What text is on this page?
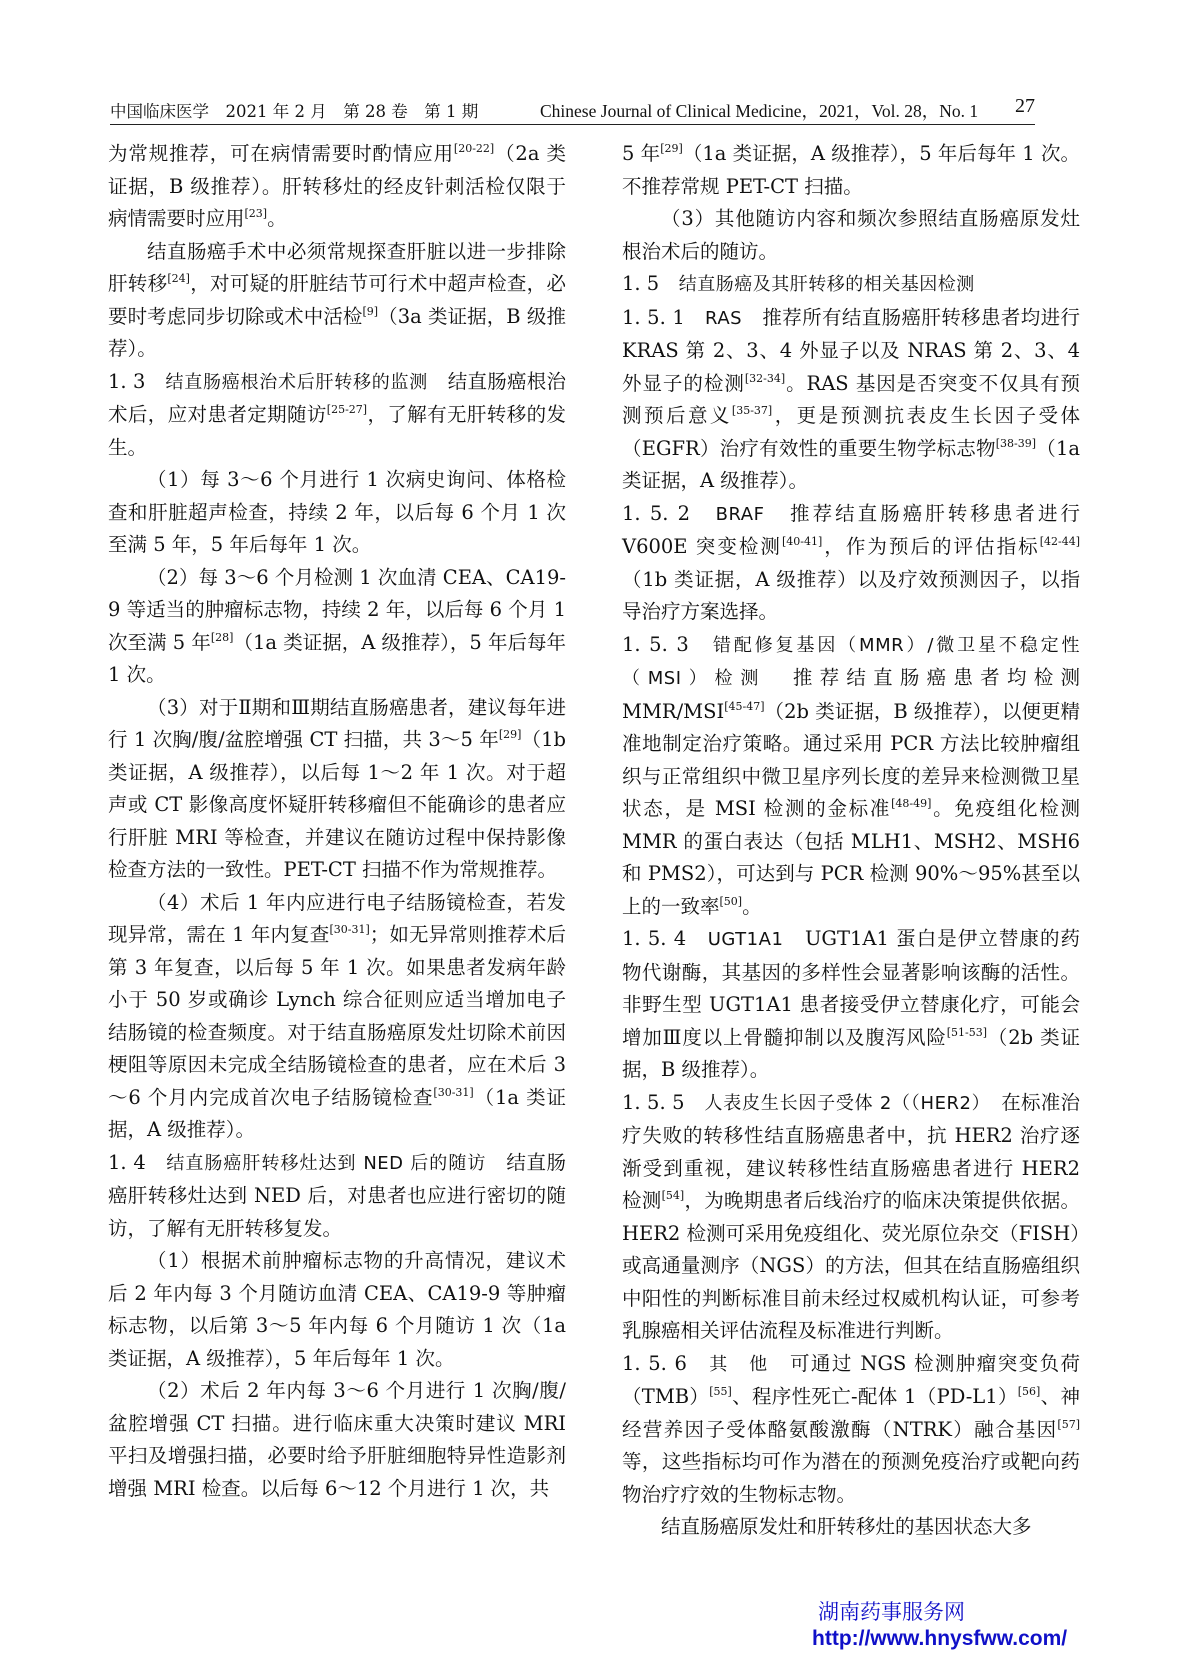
中国临床医学　2021 年 2 月　第 28 卷　第 1 期	Chinese Journal of Clinical Medicine，2021，Vol. 28，No. 1 27

为常规推荐，可在病情需要时酌情应用[20-22]（2a 类证据，B 级推荐）。肝转移灶的经皮针刺活检仅限于病情需要时应用[23]。

结直肠癌手术中必须常规探查肝脏以进一步排除肝转移[24]，对可疑的肝脏结节可行术中超声检查，必要时考虑同步切除或术中活检[9]（3a 类证据，B 级推荐）。

1. 3　 结直肠癌根治术后肝转移的监测　 结直肠癌根治术后，应对患者定期随访[25-27]，了解有无肝转移的发生。

（1）每 3～6 个月进行 1 次病史询问、体格检查和肝脏超声检查，持续 2 年，以后每 6 个月 1 次至满 5 年，5 年后每年 1 次。

（2）每 3～6 个月检测 1 次血清 CEA、CA19-9 等适当的肿瘤标志物，持续 2 年，以后每 6 个月 1 次至满 5 年[28]（1a 类证据，A 级推荐），5 年后每年 1 次。

（3）对于Ⅱ期和Ⅲ期结直肠癌患者，建议每年进行 1 次胸/腹/盆腔增强 CT 扫描，共 3～5 年[29]（1b 类证据，A 级推荐），以后每 1～2 年 1 次。对于超声或 CT 影像高度怀疑肝转移瘤但不能确诊的患者应行肝脏 MRI 等检查，并建议在随访过程中保持影像检查方法的一致性。PET-CT 扫描不作为常规推荐。

（4）术后 1 年内应进行电子结肠镜检查，若发现异常，需在 1 年内复查[30-31]；如无异常则推荐术后第 3 年复查，以后每 5 年 1 次。如果患者发病年龄小于 50 岁或确诊 Lynch 综合征则应适当增加电子结肠镜的检查频度。对于结直肠癌原发灶切除术前因梗阻等原因未完成全结肠镜检查的患者，应在术后 3～6 个月内完成首次电子结肠镜检查[30-31]（1a 类证据，A 级推荐）。

1. 4　 结直肠癌肝转移灶达到 NED 后的随访　 结直肠癌肝转移灶达到 NED 后，对患者也应进行密切的随访，了解有无肝转移复发。

（1）根据术前肿瘤标志物的升高情况，建议术后 2 年内每 3 个月随访血清 CEA、CA19-9 等肿瘤标志物，以后第 3～5 年内每 6 个月随访 1 次（1a 类证据，A 级推荐），5 年后每年 1 次。

（2）术后 2 年内每 3～6 个月进行 1 次胸/腹/盆腔增强 CT 扫描。进行临床重大决策时建议 MRI 平扫及增强扫描，必要时给予肝脏细胞特异性造影剂增强 MRI 检查。以后每 6～12 个月进行 1 次，共

5 年[29]（1a 类证据，A 级推荐），5 年后每年 1 次。不推荐常规 PET-CT 扫描。

（3）其他随访内容和频次参照结直肠癌原发灶根治术后的随访。

1. 5　 结直肠癌及其肝转移的相关基因检测

1. 5. 1　 RAS　 推荐所有结直肠癌肝转移患者均进行 KRAS 第 2、3、4 外显子以及 NRAS 第 2、3、4 外显子的检测[32-34]。RAS 基因是否突变不仅具有预测预后意义[35-37]，更是预测抗表皮生长因子受体（EGFR）治疗有效性的重要生物学标志物[38-39]（1a 类证据，A 级推荐）。

1. 5. 2　 BRAF　 推荐结直肠癌肝转移患者进行 V600E 突变检测[40-41]，作为预后的评估指标[42-44]（1b 类证据，A 级推荐）以及疗效预测因子，以指导治疗方案选择。

1. 5. 3　 错配修复基因（MMR）/微卫星不稳定性（MSI）检测　 推荐结直肠癌患者均检测 MMR/MSI[45-47]（2b 类证据，B 级推荐），以便更精准地制定治疗策略。通过采用 PCR 方法比较肿瘤组织与正常组织中微卫星序列长度的差异来检测微卫星状态，是 MSI 检测的金标准[48-49]。免疫组化检测 MMR 的蛋白表达（包括 MLH1、MSH2、MSH6 和 PMS2），可达到与 PCR 检测 90%～95%甚至以上的一致率[50]。

1. 5. 4　 UGT1A1　 UGT1A1 蛋白是伊立替康的药物代谢酶，其基因的多样性会显著影响该酶的活性。非野生型 UGT1A1 患者接受伊立替康化疗，可能会增加Ⅲ度以上骨髓抑制以及腹泻风险[51-53]（2b 类证据，B 级推荐）。

1. 5. 5　 人表皮生长因子受体 2（（HER2）　 在标准治疗失败的转移性结直肠癌患者中，抗 HER2 治疗逐渐受到重视，建议转移性结直肠癌患者进行 HER2 检测[54]，为晚期患者后线治疗的临床决策提供依据。HER2 检测可采用免疫组化、荧光原位杂交（FISH）或高通量测序（NGS）的方法，但其在结直肠癌组织中阳性的判断标准目前未经过权威机构认证，可参考乳腺癌相关评估流程及标准进行判断。

1. 5. 6　 其　他　 可通过 NGS 检测肿瘤突变负荷（TMB）[55]、程序性死亡-配体 1（PD-L1）[56]、神经营养因子受体酪氨酸激酶（NTRK）融合基因[57]等，这些指标均可作为潜在的预测免疫治疗或靶向药物治疗疗效的生物标志物。

结直肠癌原发灶和肝转移灶的基因状态大多

湖南药事服务网
http://www.hnysfww.com/
